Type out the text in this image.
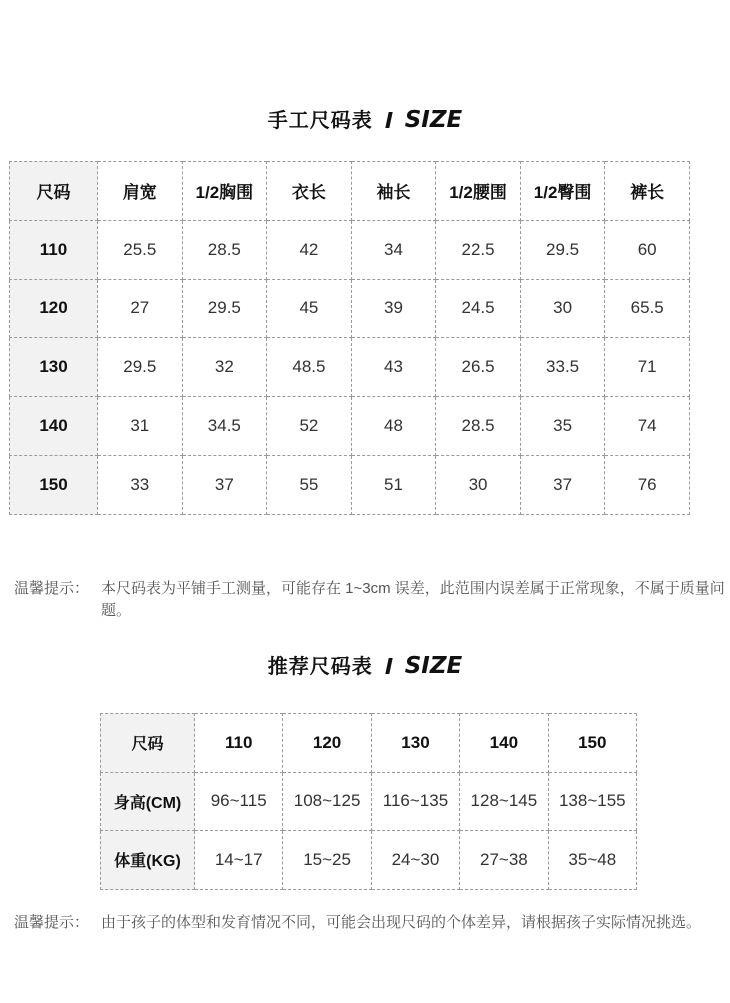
手工尺码表 SIZE
尺码	肩宽	1/2胸围	衣长	袖长	1/2腰围	1/2臀围	裤长
110	25.5	28.5	42	34	22.5	29.5	60
120	27	29.5	45	39	24.5	30	65.5
130	29.5	32	48.5	43	26.5	33.5	71
140	31	34.5	52	48	28.5	35	74
150	33	37	55	51	30	37	76
温馨提示： 本尺码表为平铺手工测量，可能存在 1~3cm 误差，此范围内误差属于正常现象，不属于质量问题。
推荐尺码表 SIZE
尺码	110	120	130	140	150
身高(CM)	96~115	108~125	116~135	128~145	138~155
体重(KG)	14~17	15~25	24~30	27~38	35~48
温馨提示： 由于孩子的体型和发育情况不同，可能会出现尺码的个体差异，请根据孩子实际情况挑选。
